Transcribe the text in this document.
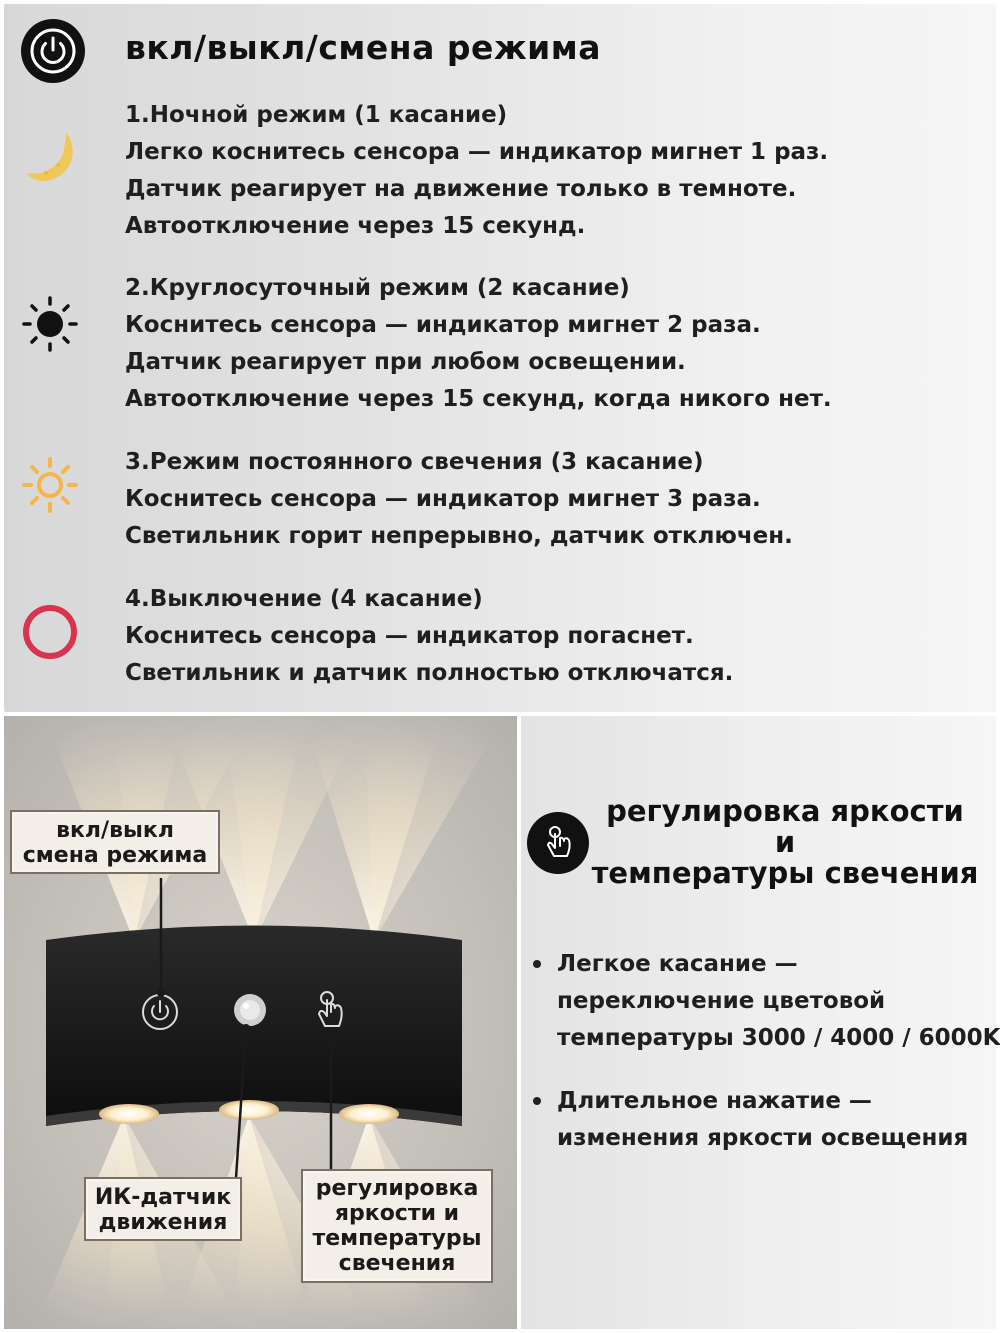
вкл/выкл/смена режима
1.Ночной режим (1 касание)
Легко коснитесь сенсора — индикатор мигнет 1 раз.
Датчик реагирует на движение только в темноте.
Автоотключение через 15 секунд.
2.Круглосуточный режим (2 касание)
Коснитесь сенсора — индикатор мигнет 2 раза.
Датчик реагирует при любом освещении.
Автоотключение через 15 секунд, когда никого нет.
3.Режим постоянного свечения (3 касание)
Коснитесь сенсора — индикатор мигнет 3 раза.
Светильник горит непрерывно, датчик отключен.
4.Выключение (4 касание)
Коснитесь сенсора — индикатор погаснет.
Светильник и датчик полностью отключатся.
вкл/выкл
смена режима
ИК-датчик
движения
регулировка
яркости и
температуры
свечения
регулировка яркости
и
температуры свечения
Легкое касание —
переключение цветовой
температуры 3000 / 4000 / 6000K
Длительное нажатие —
изменения яркости освещения
